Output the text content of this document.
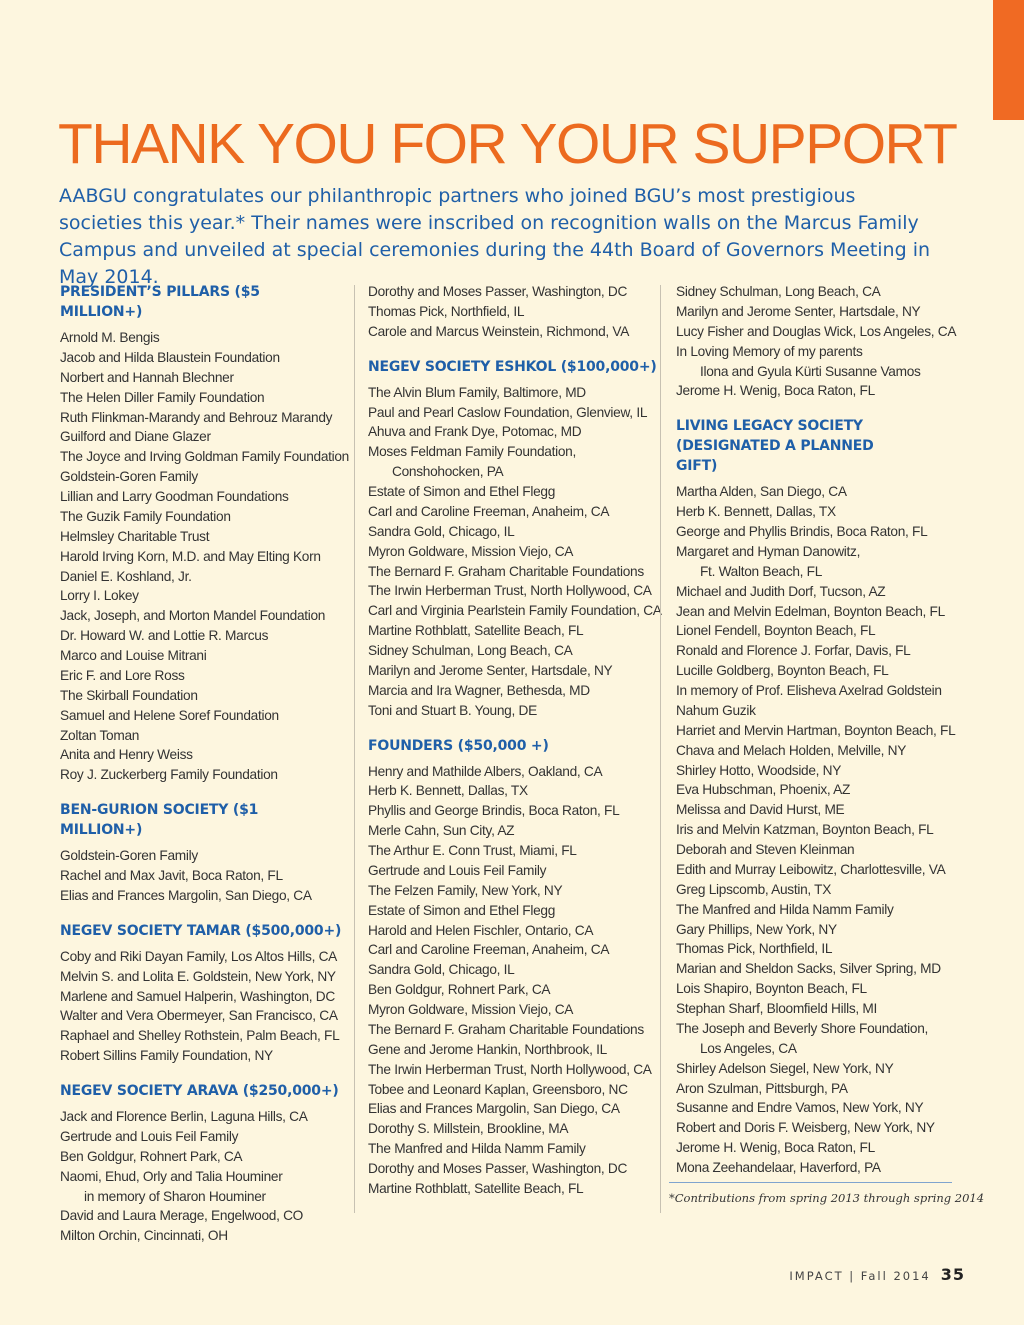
THANK YOU FOR YOUR SUPPORT

AABGU congratulates our philanthropic partners who joined BGU’s most prestigious societies this year.* Their names were inscribed on recognition walls on the Marcus Family Campus and unveiled at special ceremonies during the 44th Board of Governors Meeting in May 2014.

PRESIDENT’S PILLARS ($5 MILLION+)
Arnold M. Bengis
Jacob and Hilda Blaustein Foundation
Norbert and Hannah Blechner
The Helen Diller Family Foundation
Ruth Flinkman-Marandy and Behrouz Marandy
Guilford and Diane Glazer
The Joyce and Irving Goldman Family Foundation
Goldstein-Goren Family
Lillian and Larry Goodman Foundations
The Guzik Family Foundation
Helmsley Charitable Trust
Harold Irving Korn, M.D. and May Elting Korn
Daniel E. Koshland, Jr.
Lorry I. Lokey
Jack, Joseph, and Morton Mandel Foundation
Dr. Howard W. and Lottie R. Marcus
Marco and Louise Mitrani
Eric F. and Lore Ross
The Skirball Foundation
Samuel and Helene Soref Foundation
Zoltan Toman
Anita and Henry Weiss
Roy J. Zuckerberg Family Foundation
BEN-GURION SOCIETY ($1 MILLION+)
Goldstein-Goren Family
Rachel and Max Javit, Boca Raton, FL
Elias and Frances Margolin, San Diego, CA
NEGEV SOCIETY TAMAR ($500,000+)
Coby and Riki Dayan Family, Los Altos Hills, CA
Melvin S. and Lolita E. Goldstein, New York, NY
Marlene and Samuel Halperin, Washington, DC
Walter and Vera Obermeyer, San Francisco, CA
Raphael and Shelley Rothstein, Palm Beach, FL
Robert Sillins Family Foundation, NY
NEGEV SOCIETY ARAVA ($250,000+)
Jack and Florence Berlin, Laguna Hills, CA
Gertrude and Louis Feil Family
Ben Goldgur, Rohnert Park, CA
Naomi, Ehud, Orly and Talia Houminer
in memory of Sharon Houminer
David and Laura Merage, Engelwood, CO
Milton Orchin, Cincinnati, OH
Dorothy and Moses Passer, Washington, DC
Thomas Pick, Northfield, IL
Carole and Marcus Weinstein, Richmond, VA
NEGEV SOCIETY ESHKOL ($100,000+)
The Alvin Blum Family, Baltimore, MD
Paul and Pearl Caslow Foundation, Glenview, IL
Ahuva and Frank Dye, Potomac, MD
Moses Feldman Family Foundation,
Conshohocken, PA
Estate of Simon and Ethel Flegg
Carl and Caroline Freeman, Anaheim, CA
Sandra Gold, Chicago, IL
Myron Goldware, Mission Viejo, CA
The Bernard F. Graham Charitable Foundations
The Irwin Herberman Trust, North Hollywood, CA
Carl and Virginia Pearlstein Family Foundation, CA
Martine Rothblatt, Satellite Beach, FL
Sidney Schulman, Long Beach, CA
Marilyn and Jerome Senter, Hartsdale, NY
Marcia and Ira Wagner, Bethesda, MD
Toni and Stuart B. Young, DE
FOUNDERS ($50,000 +)
Henry and Mathilde Albers, Oakland, CA
Herb K. Bennett, Dallas, TX
Phyllis and George Brindis, Boca Raton, FL
Merle Cahn, Sun City, AZ
The Arthur E. Conn Trust, Miami, FL
Gertrude and Louis Feil Family
The Felzen Family, New York, NY
Estate of Simon and Ethel Flegg
Harold and Helen Fischler, Ontario, CA
Carl and Caroline Freeman, Anaheim, CA
Sandra Gold, Chicago, IL
Ben Goldgur, Rohnert Park, CA
Myron Goldware, Mission Viejo, CA
The Bernard F. Graham Charitable Foundations
Gene and Jerome Hankin, Northbrook, IL
The Irwin Herberman Trust, North Hollywood, CA
Tobee and Leonard Kaplan, Greensboro, NC
Elias and Frances Margolin, San Diego, CA
Dorothy S. Millstein, Brookline, MA
The Manfred and Hilda Namm Family
Dorothy and Moses Passer, Washington, DC
Martine Rothblatt, Satellite Beach, FL
Sidney Schulman, Long Beach, CA
Marilyn and Jerome Senter, Hartsdale, NY
Lucy Fisher and Douglas Wick, Los Angeles, CA
In Loving Memory of my parents
Ilona and Gyula Kürti Susanne Vamos
Jerome H. Wenig, Boca Raton, FL
LIVING LEGACY SOCIETY (DESIGNATED A PLANNED GIFT)
Martha Alden, San Diego, CA
Herb K. Bennett, Dallas, TX
George and Phyllis Brindis, Boca Raton, FL
Margaret and Hyman Danowitz,
Ft. Walton Beach, FL
Michael and Judith Dorf, Tucson, AZ
Jean and Melvin Edelman, Boynton Beach, FL
Lionel Fendell, Boynton Beach, FL
Ronald and Florence J. Forfar, Davis, FL
Lucille Goldberg, Boynton Beach, FL
In memory of Prof. Elisheva Axelrad Goldstein
Nahum Guzik
Harriet and Mervin Hartman, Boynton Beach, FL
Chava and Melach Holden, Melville, NY
Shirley Hotto, Woodside, NY
Eva Hubschman, Phoenix, AZ
Melissa and David Hurst, ME
Iris and Melvin Katzman, Boynton Beach, FL
Deborah and Steven Kleinman
Edith and Murray Leibowitz, Charlottesville, VA
Greg Lipscomb, Austin, TX
The Manfred and Hilda Namm Family
Gary Phillips, New York, NY
Thomas Pick, Northfield, IL
Marian and Sheldon Sacks, Silver Spring, MD
Lois Shapiro, Boynton Beach, FL
Stephan Sharf, Bloomfield Hills, MI
The Joseph and Beverly Shore Foundation,
Los Angeles, CA
Shirley Adelson Siegel, New York, NY
Aron Szulman, Pittsburgh, PA
Susanne and Endre Vamos, New York, NY
Robert and Doris F. Weisberg, New York, NY
Jerome H. Wenig, Boca Raton, FL
Mona Zeehandelaar, Haverford, PA
*Contributions from spring 2013 through spring 2014
IMPACT | Fall 2014 35
